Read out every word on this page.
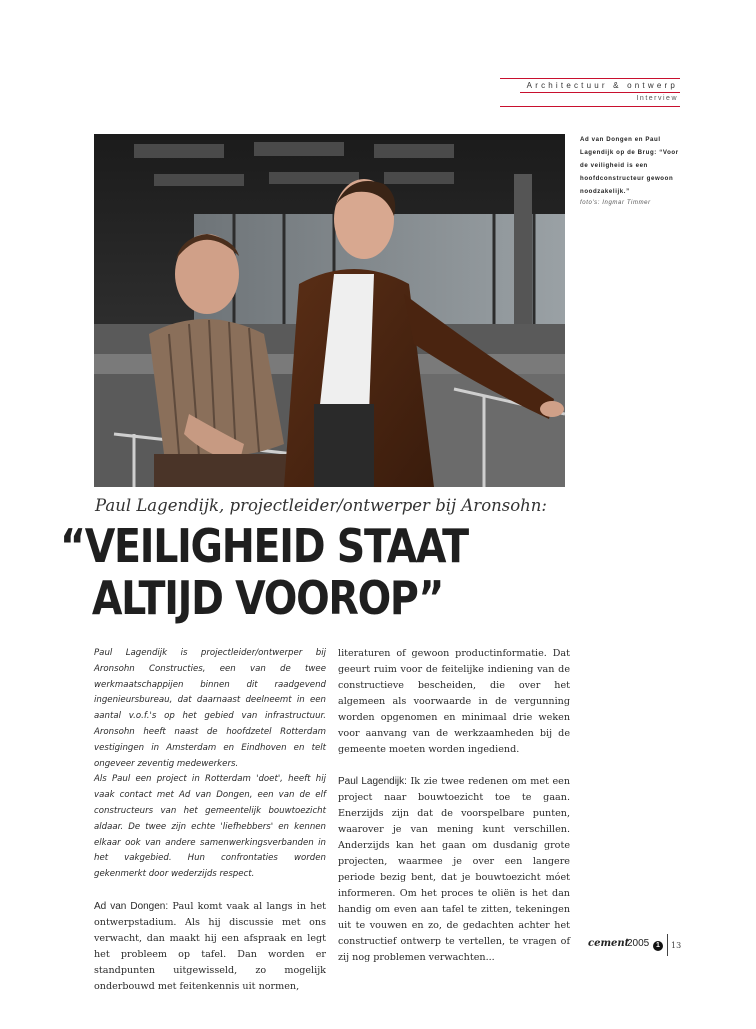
Architectuur & ontwerp
Interview
Ad van Dongen en Paul Lagendijk op de Brug: “Voor de veiligheid is een hoofdconstructeur gewoon noodzakelijk.”
foto's: Ingmar Timmer
Paul Lagendijk, projectleider/ontwerper bij Aronsohn:
“VEILIGHEID STAAT
ALTIJD VOOROP”

Paul Lagendijk is projectleider/ontwerper bij Aronsohn Constructies, een van de twee werkmaatschappijen binnen dit raadgevend ingenieursbureau, dat daarnaast deelneemt in een aantal v.o.f.'s op het gebied van infrastructuur. Aronsohn heeft naast de hoofdzetel Rotterdam vestigingen in Amsterdam en Eindhoven en telt ongeveer zeventig medewerkers.

Als Paul een project in Rotterdam 'doet', heeft hij vaak contact met Ad van Dongen, een van de elf constructeurs van het gemeentelijk bouwtoezicht aldaar. De twee zijn echte 'liefhebbers' en kennen elkaar ook van andere samenwerkingsverbanden in het vakgebied. Hun confrontaties worden gekenmerkt door wederzijds respect.

Ad van Dongen: Paul komt vaak al langs in het ontwerpstadium. Als hij discussie met ons verwacht, dan maakt hij een afspraak en legt het probleem op tafel. Dan worden er standpunten uitgewisseld, zo mogelijk onderbouwd met feitenkennis uit normen,

literaturen of gewoon productinformatie. Dat geeurt ruim voor de feitelijke indiening van de constructieve bescheiden, die over het algemeen als voorwaarde in de vergunning worden opgenomen en minimaal drie weken voor aanvang van de werkzaamheden bij de gemeente moeten worden ingediend.

Paul Lagendijk: Ik zie twee redenen om met een project naar bouwtoezicht toe te gaan. Enerzijds zijn dat de voorspelbare punten, waarover je van mening kunt verschillen. Anderzijds kan het gaan om dusdanig grote projecten, waarmee je over een langere periode bezig bent, dat je bouwtoezicht móet informeren. Om het proces te oliën is het dan handig om even aan tafel te zitten, tekeningen uit te vouwen en zo, de gedachten achter het constructief ontwerp te vertellen, te vragen of zij nog problemen verwachten...

cement
2005 1	13
